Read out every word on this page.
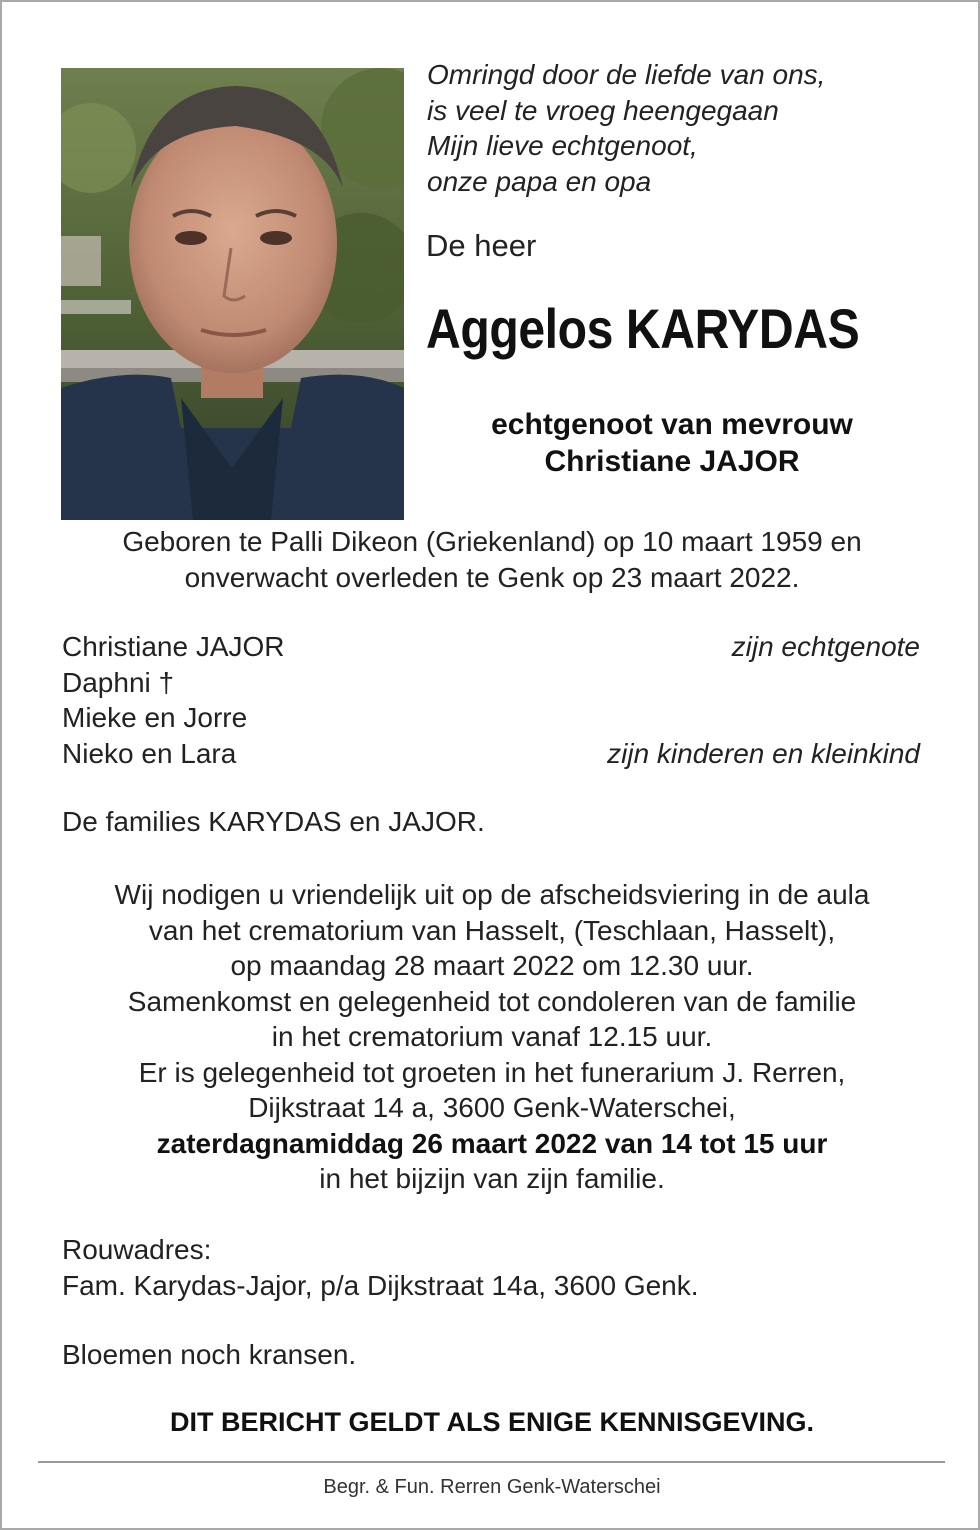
Omringd door de liefde van ons,
is veel te vroeg heengegaan
Mijn lieve echtgenoot,
onze papa en opa
De heer
Aggelos KARYDAS
echtgenoot van mevrouw
Christiane JAJOR
Geboren te Palli Dikeon (Griekenland) op 10 maart 1959 en
onverwacht overleden te Genk op 23 maart 2022.
Christiane JAJOR	zijn echtgenote
Daphni †
Mieke en Jorre
Nieko en Lara	zijn kinderen en kleinkind
De families KARYDAS en JAJOR.
Wij nodigen u vriendelijk uit op de afscheidsviering in de aula
van het crematorium van Hasselt, (Teschlaan, Hasselt),
op maandag 28 maart 2022 om 12.30 uur.
Samenkomst en gelegenheid tot condoleren van de familie
in het crematorium vanaf 12.15 uur.
Er is gelegenheid tot groeten in het funerarium J. Rerren,
Dijkstraat 14 a, 3600 Genk-Waterschei,
zaterdagnamiddag 26 maart 2022 van 14 tot 15 uur
in het bijzijn van zijn familie.
Rouwadres:
Fam. Karydas-Jajor, p/a Dijkstraat 14a, 3600 Genk.
Bloemen noch kransen.
DIT BERICHT GELDT ALS ENIGE KENNISGEVING.
Begr. & Fun. Rerren Genk-Waterschei
